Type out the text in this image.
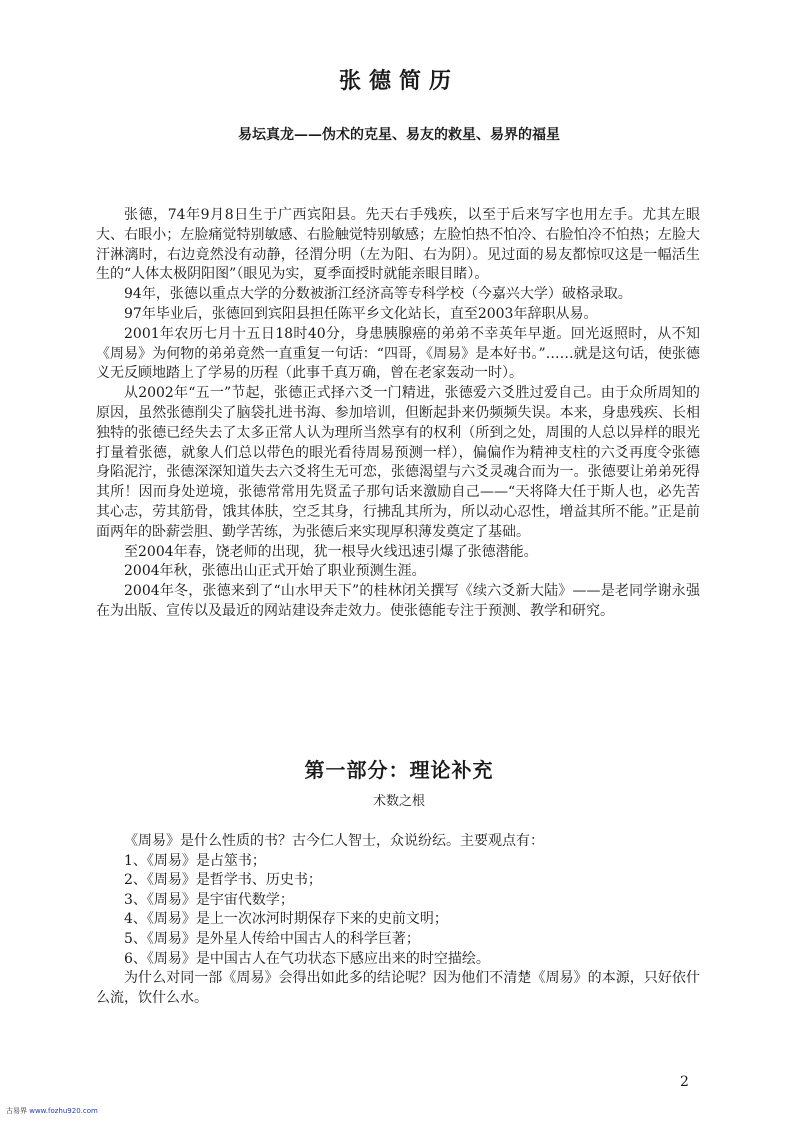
张德简历
易坛真龙——伪术的克星、易友的救星、易界的福星

张德，74年9月8日生于广西宾阳县。先天右手残疾，以至于后来写字也用左手。尤其左眼大、右眼小；左脸痛觉特别敏感、右脸触觉特别敏感；左脸怕热不怕冷、右脸怕冷不怕热；左脸大汗淋漓时，右边竟然没有动静，径渭分明（左为阳、右为阴）。见过面的易友都惊叹这是一幅活生生的“人体太极阴阳图”（眼见为实，夏季面授时就能亲眼目睹）。

94年，张德以重点大学的分数被浙江经济高等专科学校（今嘉兴大学）破格录取。

97年毕业后，张德回到宾阳县担任陈平乡文化站长，直至2003年辞职从易。

2001年农历七月十五日18时40分，身患胰腺癌的弟弟不幸英年早逝。回光返照时，从不知《周易》为何物的弟弟竟然一直重复一句话：“四哥，《周易》是本好书。”……就是这句话，使张德义无反顾地踏上了学易的历程（此事千真万确，曾在老家轰动一时）。

从2002年“五一”节起，张德正式择六爻一门精进，张德爱六爻胜过爱自己。由于众所周知的原因，虽然张德削尖了脑袋扎进书海、参加培训，但断起卦来仍频频失误。本来，身患残疾、长相独特的张德已经失去了太多正常人认为理所当然享有的权利（所到之处，周围的人总以异样的眼光打量着张德，就象人们总以带色的眼光看待周易预测一样），偏偏作为精神支柱的六爻再度令张德身陷泥泞，张德深深知道失去六爻将生无可恋，张德渴望与六爻灵魂合而为一。张德要让弟弟死得其所！因而身处逆境，张德常常用先贤孟子那句话来激励自己——“天将降大任于斯人也，必先苦其心志，劳其筋骨，饿其体肤，空乏其身，行拂乱其所为，所以动心忍性，增益其所不能。”正是前面两年的卧薪尝胆、勤学苦练，为张德后来实现厚积薄发奠定了基础。

至2004年春，饶老师的出现，犹一根导火线迅速引爆了张德潜能。

2004年秋，张德出山正式开始了职业预测生涯。

2004年冬，张德来到了“山水甲天下”的桂林闭关撰写《续六爻新大陆》——是老同学谢永强在为出版、宣传以及最近的网站建设奔走效力。使张德能专注于预测、教学和研究。

第一部分：理论补充
术数之根

《周易》是什么性质的书？古今仁人智士，众说纷纭。主要观点有：

1、《周易》是占筮书；

2、《周易》是哲学书、历史书；

3、《周易》是宇宙代数学；

4、《周易》是上一次冰河时期保存下来的史前文明；

5、《周易》是外星人传给中国古人的科学巨著；

6、《周易》是中国古人在气功状态下感应出来的时空描绘。

为什么对同一部《周易》会得出如此多的结论呢？因为他们不清楚《周易》的本源，只好依什么流，饮什么水。

2
古易界 www.fozhu920.com
